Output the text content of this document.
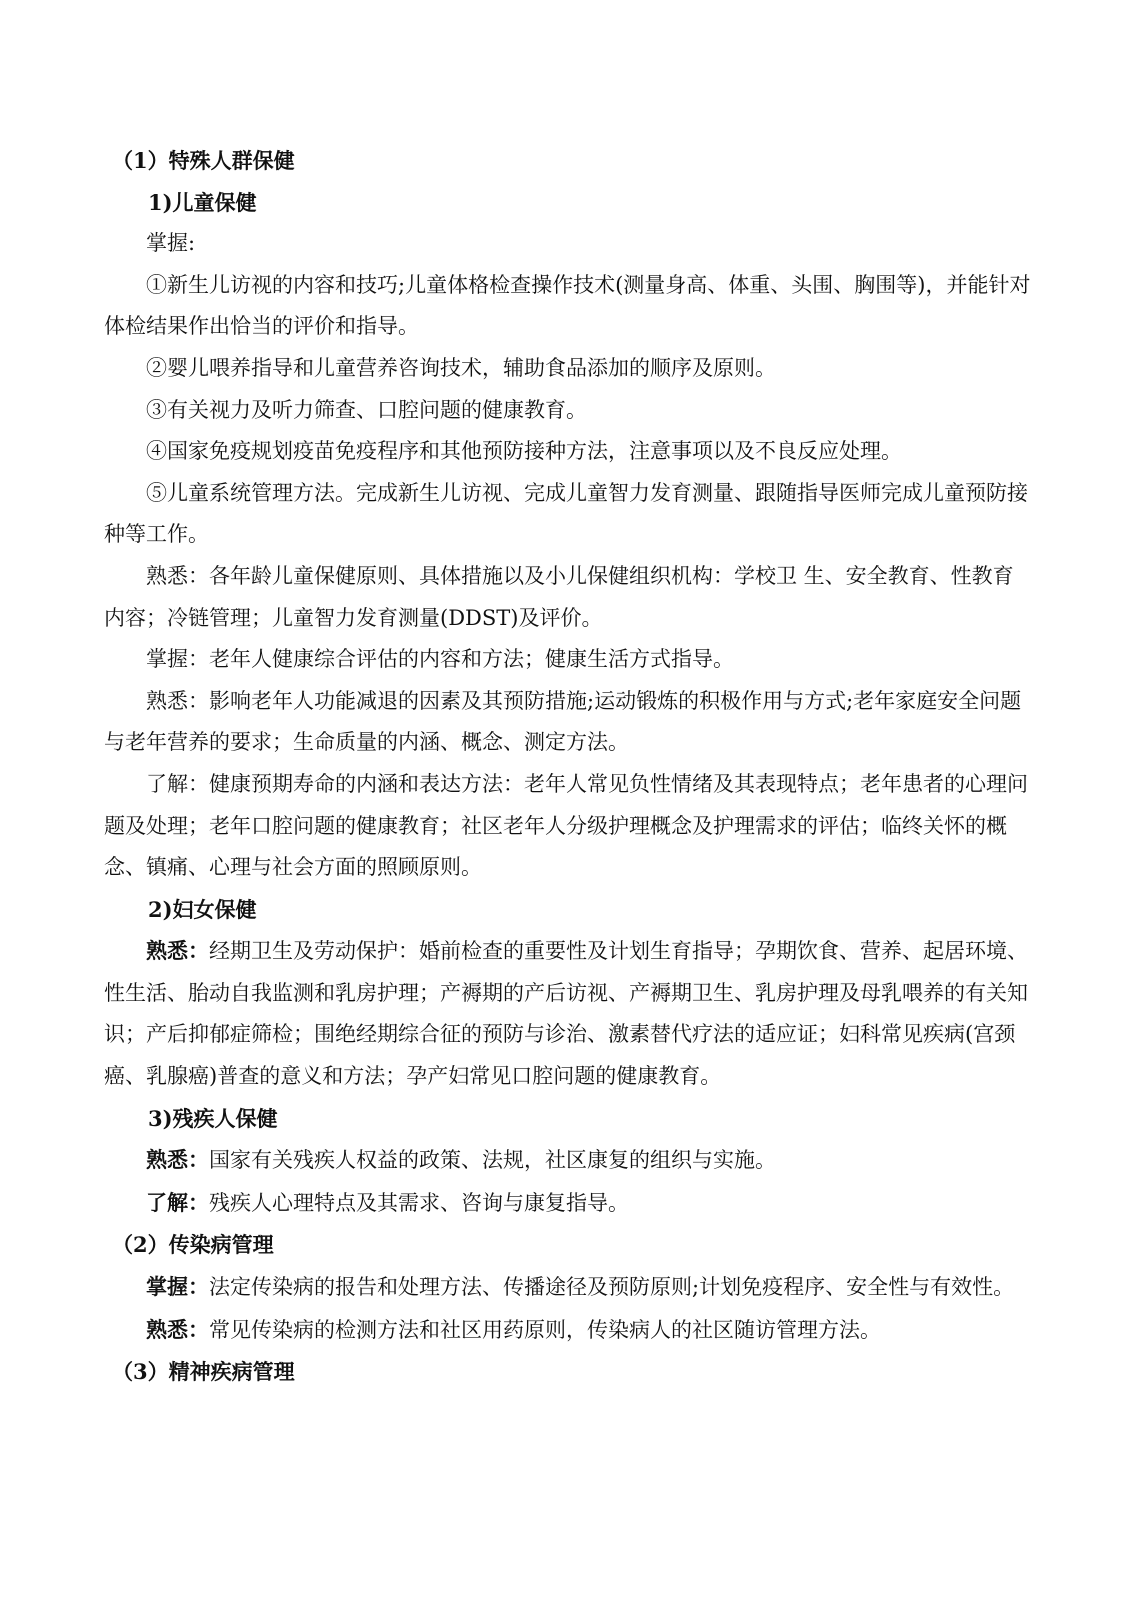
（1）特殊人群保健

1)儿童保健

掌握:

①新生儿访视的内容和技巧;儿童体格检查操作技术(测量身高、体重、头围、胸围等)，并能针对体检结果作出恰当的评价和指导。

②婴儿喂养指导和儿童营养咨询技术，辅助食品添加的顺序及原则。

③有关视力及听力筛查、口腔问题的健康教育。

④国家免疫规划疫苗免疫程序和其他预防接种方法，注意事项以及不良反应处理。

⑤儿童系统管理方法。完成新生儿访视、完成儿童智力发育测量、跟随指导医师完成儿童预防接种等工作。

熟悉：各年龄儿童保健原则、具体措施以及小儿保健组织机构：学校卫 生、安全教育、性教育内容；冷链管理；儿童智力发育测量(DDST)及评价。

掌握：老年人健康综合评估的内容和方法；健康生活方式指导。

熟悉：影响老年人功能减退的因素及其预防措施;运动锻炼的积极作用与方式;老年家庭安全问题与老年营养的要求；生命质量的内涵、概念、测定方法。

了解：健康预期寿命的内涵和表达方法：老年人常见负性情绪及其表现特点；老年患者的心理问题及处理；老年口腔问题的健康教育；社区老年人分级护理概念及护理需求的评估；临终关怀的概念、镇痛、心理与社会方面的照顾原则。

2)妇女保健

熟悉：经期卫生及劳动保护：婚前检查的重要性及计划生育指导；孕期饮食、营养、起居环境、性生活、胎动自我监测和乳房护理；产褥期的产后访视、产褥期卫生、乳房护理及母乳喂养的有关知识；产后抑郁症筛检；围绝经期综合征的预防与诊治、激素替代疗法的适应证；妇科常见疾病(宫颈癌、乳腺癌)普查的意义和方法；孕产妇常见口腔问题的健康教育。

3)残疾人保健

熟悉：国家有关残疾人权益的政策、法规，社区康复的组织与实施。

了解：残疾人心理特点及其需求、咨询与康复指导。

（2）传染病管理

掌握：法定传染病的报告和处理方法、传播途径及预防原则;计划免疫程序、安全性与有效性。

熟悉：常见传染病的检测方法和社区用药原则，传染病人的社区随访管理方法。

（3）精神疾病管理
